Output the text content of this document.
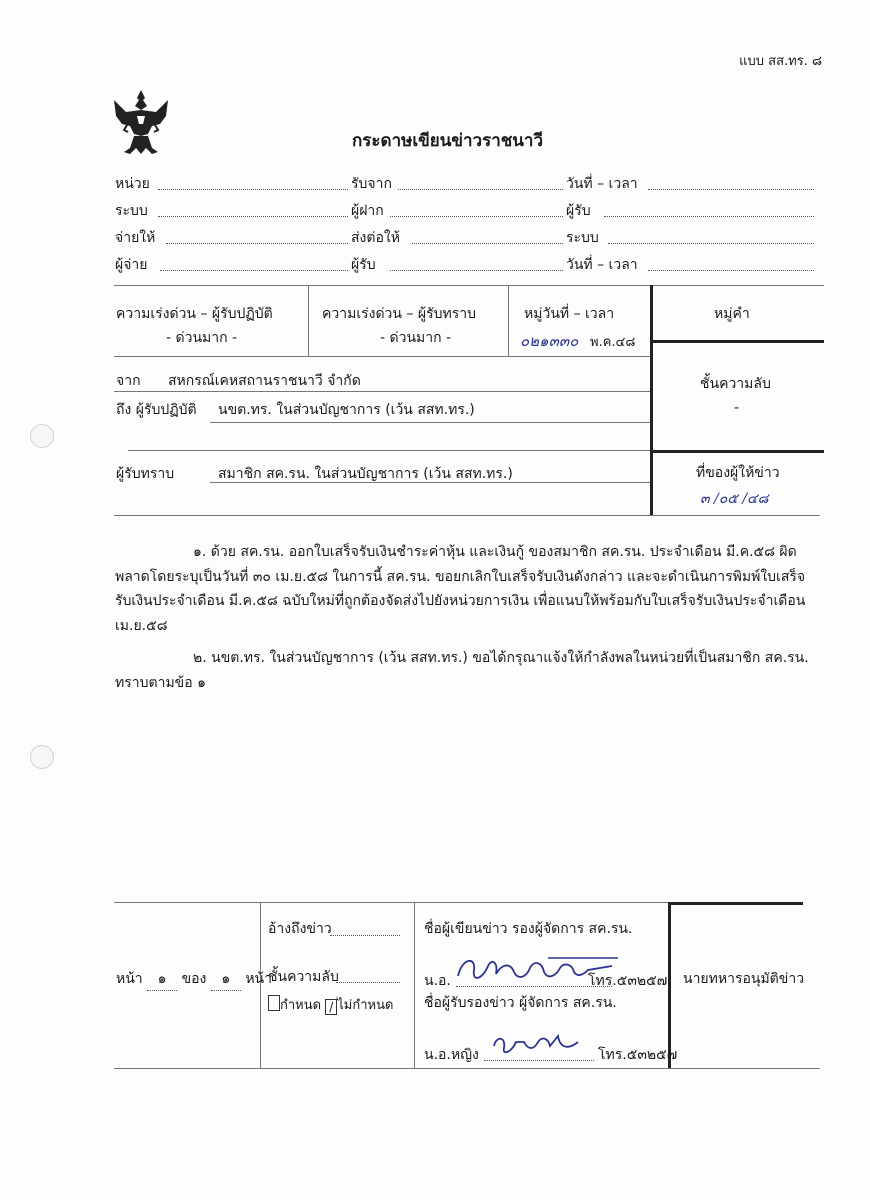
แบบ สส.ทร. ๘
กระดาษเขียนข่าวราชนาวี
หน่วย	รับจาก	วันที่ – เวลา
ระบบ	ผู้ฝาก	ผู้รับ
จ่ายให้	ส่งต่อให้	ระบบ
ผู้จ่าย	ผู้รับ	วันที่ – เวลา
ความเร่งด่วน – ผู้รับปฏิบัติ
- ด่วนมาก -
ความเร่งด่วน – ผู้รับทราบ
- ด่วนมาก -
หมู่วันที่ – เวลา
๐๒๑๓๓๐ พ.ค.๔๘
หมู่คำ
จาก สหกรณ์เคหสถานราชนาวี จำกัด
ถึง ผู้รับปฏิบัติ นขต.ทร. ในส่วนบัญชาการ (เว้น สสท.ทร.)
ผู้รับทราบ	สมาชิก สค.รน. ในส่วนบัญชาการ (เว้น สสท.ทร.)
ชั้นความลับ
-
ที่ของผู้ให้ข่าว
๓ /๐๕ /๔๘
๑. ด้วย สค.รน. ออกใบเสร็จรับเงินชำระค่าหุ้น และเงินกู้ ของสมาชิก สค.รน. ประจำเดือน มี.ค.๕๘ ผิดพลาดโดยระบุเป็นวันที่ ๓๐ เม.ย.๕๘ ในการนี้ สค.รน. ขอยกเลิกใบเสร็จรับเงินดังกล่าว และจะดำเนินการพิมพ์ใบเสร็จรับเงินประจำเดือน มี.ค.๕๘ ฉบับใหม่ที่ถูกต้องจัดส่งไปยังหน่วยการเงิน เพื่อแนบให้พร้อมกับใบเสร็จรับเงินประจำเดือน เม.ย.๕๘
๒. นขต.ทร. ในส่วนบัญชาการ (เว้น สสท.ทร.) ขอได้กรุณาแจ้งให้กำลังพลในหน่วยที่เป็นสมาชิก สค.รน. ทราบตามข้อ ๑
หน้า ๑ ของ ๑ หน้า
อ้างถึงข่าว
ชั้นความลับ
กำหนด / ไม่กำหนด
ชื่อผู้เขียนข่าว รองผู้จัดการ สค.รน.
น.อ.	โทร.๕๓๒๕๗
ชื่อผู้รับรองข่าว ผู้จัดการ สค.รน.
น.อ.หญิง	โทร.๕๓๒๕๗
นายทหารอนุมัติข่าว
